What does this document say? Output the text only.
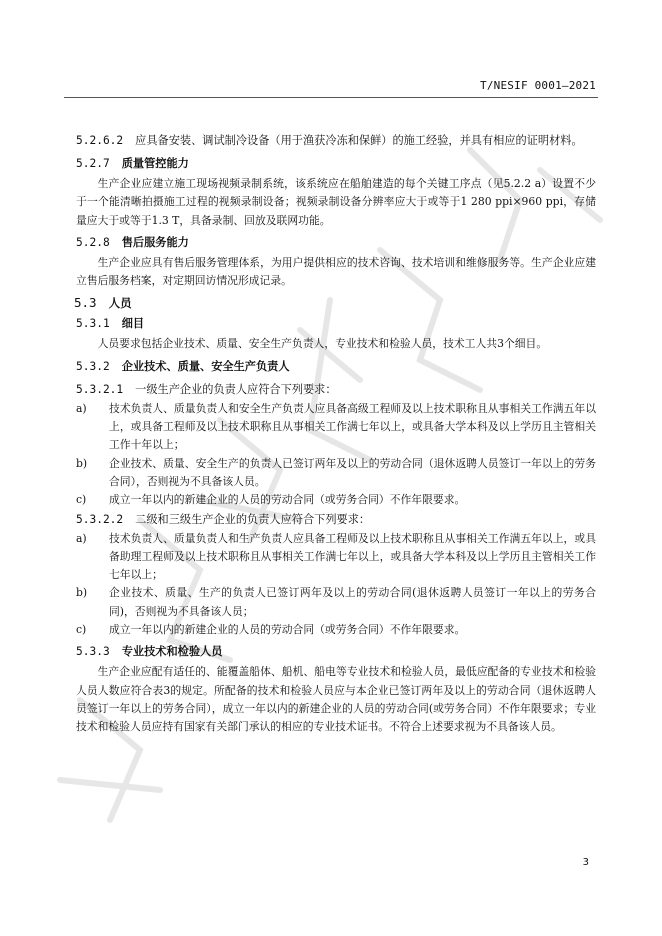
T/NESIF 0001—2021
5.2.6.2 应具备安装、调试制冷设备（用于渔获冷冻和保鲜）的施工经验，并具有相应的证明材料。
5.2.7 质量管控能力
生产企业应建立施工现场视频录制系统，该系统应在船舶建造的每个关键工序点（见5.2.2 a）设置不少于一个能清晰拍摄施工过程的视频录制设备；视频录制设备分辨率应大于或等于1 280 ppi×960 ppi，存储量应大于或等于1.3 T，具备录制、回放及联网功能。
5.2.8 售后服务能力
生产企业应具有售后服务管理体系，为用户提供相应的技术咨询、技术培训和维修服务等。生产企业应建立售后服务档案，对定期回访情况形成记录。
5.3 人员
5.3.1 细目
人员要求包括企业技术、质量、安全生产负责人，专业技术和检验人员，技术工人共3个细目。
5.3.2 企业技术、质量、安全生产负责人
5.3.2.1 一级生产企业的负责人应符合下列要求：
a)	技术负责人、质量负责人和安全生产负责人应具备高级工程师及以上技术职称且从事相关工作满五年以上，或具备工程师及以上技术职称且从事相关工作满七年以上，或具备大学本科及以上学历且主管相关工作十年以上；
b)	企业技术、质量、安全生产的负责人已签订两年及以上的劳动合同（退休返聘人员签订一年以上的劳务合同），否则视为不具备该人员。
c)	成立一年以内的新建企业的人员的劳动合同（或劳务合同）不作年限要求。
5.3.2.2 二级和三级生产企业的负责人应符合下列要求：
a)	技术负责人、质量负责人和生产负责人应具备工程师及以上技术职称且从事相关工作满五年以上，或具备助理工程师及以上技术职称且从事相关工作满七年以上，或具备大学本科及以上学历且主管相关工作七年以上；
b)	企业技术、质量、生产的负责人已签订两年及以上的劳动合同(退休返聘人员签订一年以上的劳务合同)，否则视为不具备该人员；
c)	成立一年以内的新建企业的人员的劳动合同（或劳务合同）不作年限要求。
5.3.3 专业技术和检验人员
生产企业应配有适任的、能覆盖船体、船机、船电等专业技术和检验人员，最低应配备的专业技术和检验人员人数应符合表3的规定。所配备的技术和检验人员应与本企业已签订两年及以上的劳动合同（退休返聘人员签订一年以上的劳务合同），成立一年以内的新建企业的人员的劳动合同(或劳务合同）不作年限要求；专业技术和检验人员应持有国家有关部门承认的相应的专业技术证书。不符合上述要求视为不具备该人员。
3
